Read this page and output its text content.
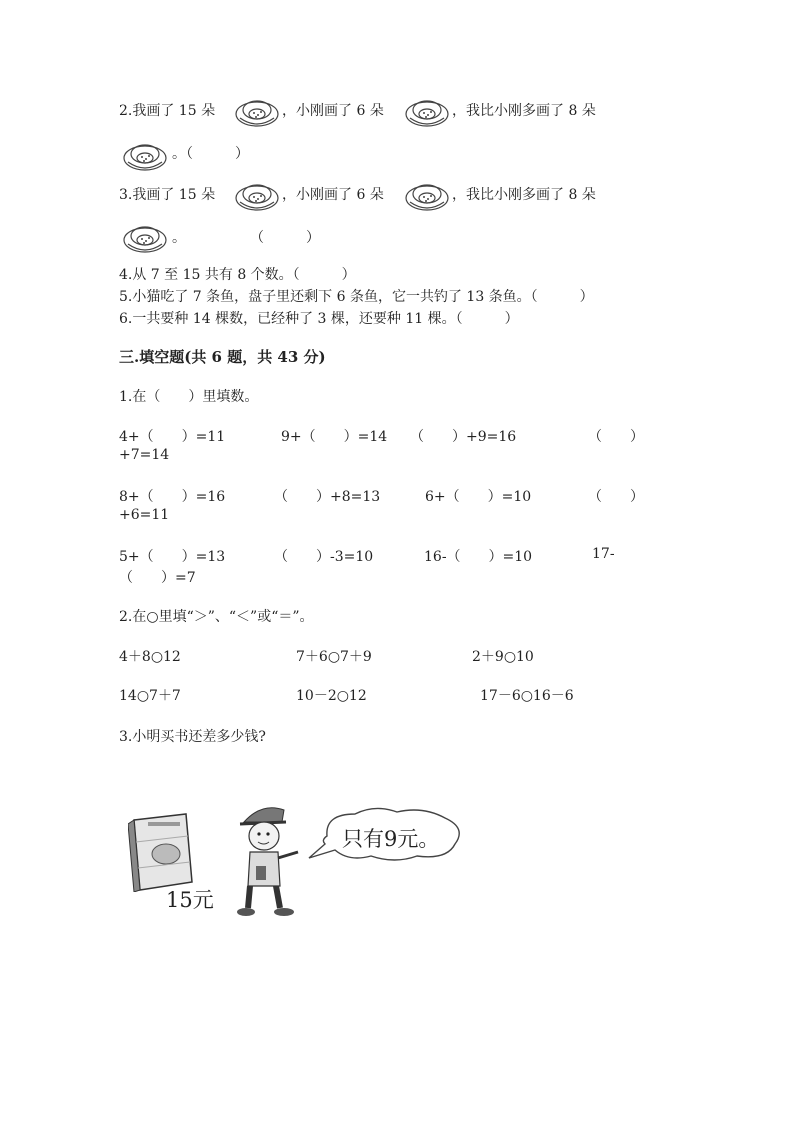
2.我画了 15 朵	，小刚画了 6 朵	，我比小刚多画了 8 朵
。（　　　）
3.我画了 15 朵	，小刚画了 6 朵	，我比小刚多画了 8 朵
。	（　　　）
4.从 7 至 15 共有 8 个数。（　　　）
5.小猫吃了 7 条鱼，盘子里还剩下 6 条鱼，它一共钓了 13 条鱼。（　　　）
6.一共要种 14 棵数，已经种了 3 棵，还要种 11 棵。（　　　）
三.填空题(共 6 题，共 43 分)
1.在（　　）里填数。
4+（　　）=11	9+（　　）=14 （　　）+9=16	（　　）
+7=14
8+（　　）=16	（　　）+8=13	6+（　　）=10	（　　）
+6=11
5+（　　）=13	（　　）-3=10	16-（　　）=10	17-
（　　）=7
2.在○里填“＞”、“＜”或“＝”。
4＋8○12	7＋6○7＋9	2＋9○10
14○7＋7	10－2○12	17－6○16－6
3.小明买书还差多少钱?
15元
只有9元。
